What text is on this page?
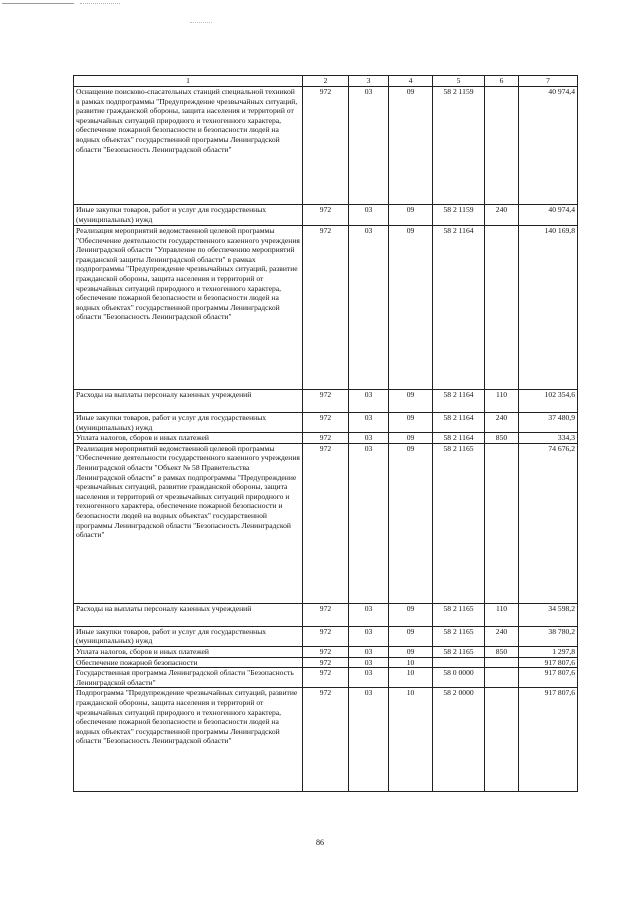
1	2	3	4	5	6	7
Оснащение поисково-спасательных станций специальной техникой в рамках подпрограммы "Предупреждение чрезвычайных ситуаций, развитие гражданской обороны, защита населения и территорий от чрезвычайных ситуаций природного и техногенного характера, обеспечение пожарной безопасности и безопасности людей на водных объектах" государственной программы Ленинградской области "Безопасность Ленинградской области"	972	03	09	58 2 1159		40 974,4
Иные закупки товаров, работ и услуг для государственных (муниципальных) нужд	972	03	09	58 2 1159	240	40 974,4
Реализация мероприятий ведомственной целевой программы "Обеспечение деятельности государственного казенного учреждения Ленинградской области "Управление по обеспечению мероприятий гражданской защиты Ленинградской области" в рамках подпрограммы "Предупреждение чрезвычайных ситуаций, развитие гражданской обороны, защита населения и территорий от чрезвычайных ситуаций природного и техногенного характера, обеспечение пожарной безопасности и безопасности людей на водных объектах" государственной программы Ленинградской области "Безопасность Ленинградской области"	972	03	09	58 2 1164		140 169,8
Расходы на выплаты персоналу казенных учреждений	972	03	09	58 2 1164	110	102 354,6
Иные закупки товаров, работ и услуг для государственных (муниципальных) нужд	972	03	09	58 2 1164	240	37 480,9
Уплата налогов, сборов и иных платежей	972	03	09	58 2 1164	850	334,3
Реализация мероприятий ведомственной целевой программы "Обеспечение деятельности государственного казенного учреждения Ленинградской области "Объект № 58 Правительства Ленинградской области" в рамках подпрограммы "Предупреждение чрезвычайных ситуаций, развитие гражданской обороны, защита населения и территорий от чрезвычайных ситуаций природного и техногенного характера, обеспечение пожарной безопасности и безопасности людей на водных объектах" государственной программы Ленинградской области "Безопасность Ленинградской области"	972	03	09	58 2 1165		74 676,2
Расходы на выплаты персоналу казенных учреждений	972	03	09	58 2 1165	110	34 598,2
Иные закупки товаров, работ и услуг для государственных (муниципальных) нужд	972	03	09	58 2 1165	240	38 780,2
Уплата налогов, сборов и иных платежей	972	03	09	58 2 1165	850	1 297,8
Обеспечение пожарной безопасности	972	03	10			917 807,6
Государственная программа Ленинградской области "Безопасность Ленинградской области"	972	03	10	58 0 0000		917 807,6
Подпрограмма "Предупреждение чрезвычайных ситуаций, развитие гражданской обороны, защита населения и территорий от чрезвычайных ситуаций природного и техногенного характера, обеспечение пожарной безопасности и безопасности людей на водных объектах" государственной программы Ленинградской области "Безопасность Ленинградской области"	972	03	10	58 2 0000		917 807,6
86
